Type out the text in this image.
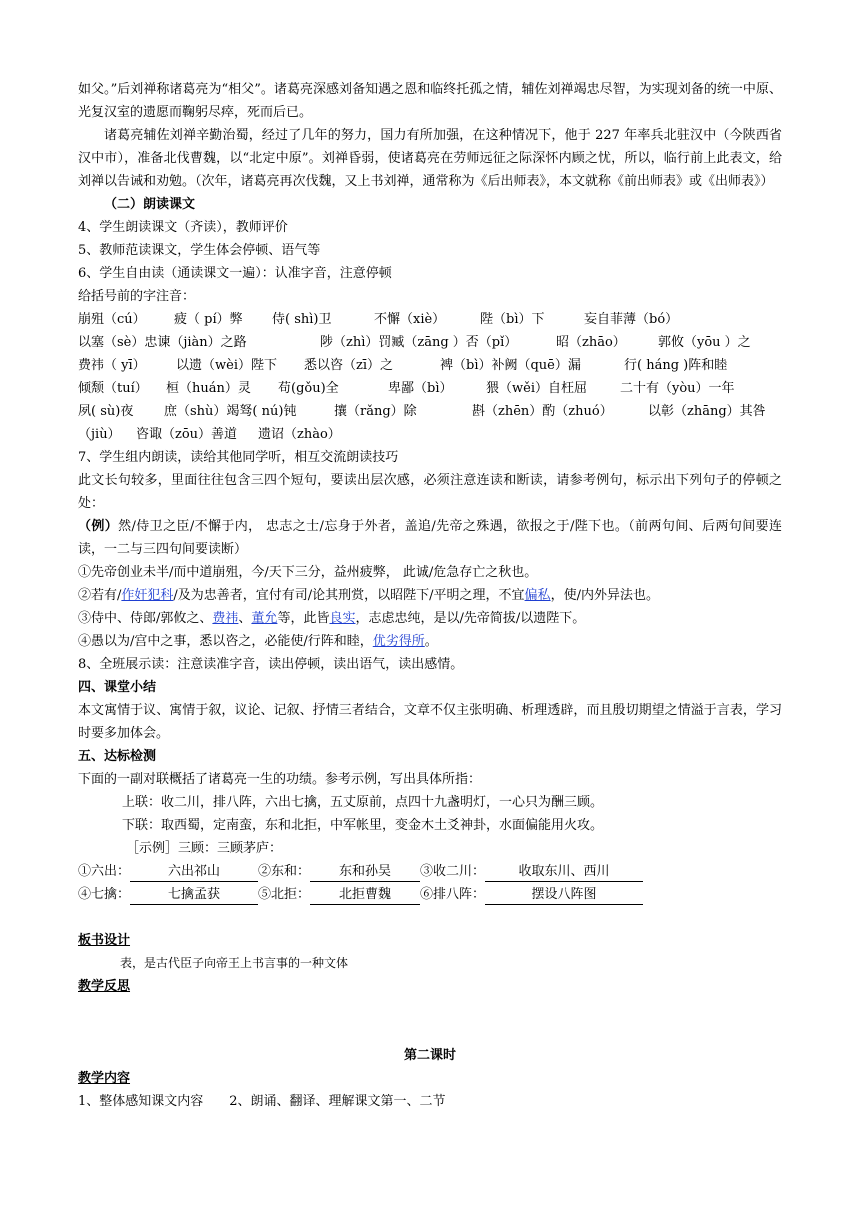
如父。”后刘禅称诸葛亮为“相父”。诸葛亮深感刘备知遇之恩和临终托孤之情，辅佐刘禅竭忠尽智，为实现刘备的统一中原、光复汉室的遗愿而鞠躬尽瘁，死而后已。

诸葛亮辅佐刘禅辛勤治蜀，经过了几年的努力，国力有所加强，在这种情况下，他于 227 年率兵北驻汉中（今陕西省汉中市），准备北伐曹魏，以“北定中原”。刘禅昏弱，使诸葛亮在劳师远征之际深怀内顾之忧，所以，临行前上此表文，给刘禅以告诫和劝勉。（次年，诸葛亮再次伐魏，又上书刘禅，通常称为《后出师表》，本文就称《前出师表》或《出师表》）

（二）朗读课文

4、学生朗读课文（齐读），教师评价

5、教师范读课文，学生体会停顿、语气等

6、学生自由读（通读课文一遍）：认准字音，注意停顿

给括号前的字注音：

崩殂（cú） 疲（ pí）弊 侍( shì)卫	不懈（xiè）	陛（bì）下	妄自菲薄（bó）

以塞（sè）忠谏（jiàn）之路	陟（zhì）罚臧（zāng ）否（pǐ）	昭（zhāo） 郭攸（yōu ）之

费祎（ yī） 以遗（wèi）陛下 悉以咨（zī）之	裨（bì）补阙（quē）漏	行( háng )阵和睦

倾颓（tuí） 桓（huán）灵 苟(gǒu)全	卑鄙（bì）	猥（wěi）自枉屈	二十有（yòu）一年

夙( sù)夜 庶（shù）竭驽( nú)钝	攘（rǎng）除	斟（zhēn）酌（zhuó）	以彰（zhāng）其咎

（jiù） 咨诹（zōu）善道 遗诏（zhào）

7、学生组内朗读，读给其他同学听，相互交流朗读技巧

此文长句较多，里面往往包含三四个短句，要读出层次感，必须注意连读和断读，请参考例句，标示出下列句子的停顿之处：

（例）然/侍卫之臣/不懈于内， 忠志之士/忘身于外者，盖追/先帝之殊遇，欲报之于/陛下也。（前两句间、后两句间要连读，一二与三四句间要读断）

①先帝创业未半/而中道崩殂，今/天下三分，益州疲弊， 此诚/危急存亡之秋也。

②若有/作奸犯科/及为忠善者，宜付有司/论其刑赏，以昭陛下/平明之理，不宜偏私，使/内外异法也。

③侍中、侍郎/郭攸之、费祎、董允等，此皆良实，志虑忠纯，是以/先帝简拔/以遗陛下。

④愚以为/宫中之事，悉以咨之，必能使/行阵和睦，优劣得所。

8、全班展示读：注意读准字音，读出停顿，读出语气，读出感情。

四、课堂小结

本文寓情于议、寓情于叙，议论、记叙、抒情三者结合，文章不仅主张明确、析理透辟，而且殷切期望之情溢于言表，学习时要多加体会。

五、达标检测

下面的一副对联概括了诸葛亮一生的功绩。参考示例，写出具体所指：

上联：收二川，排八阵，六出七擒，五丈原前，点四十九盏明灯，一心只为酬三顾。

下联：取西蜀，定南蛮，东和北拒，中军帐里，变金木土爻神卦，水面偏能用火攻。

［示例］三顾：三顾茅庐：

①六出：	六出祁山	②东和： 东和孙吴 ③收二川：	收取东川、西川

④七擒：	七擒孟获	⑤北拒： 北拒曹魏 ⑥排八阵：	摆设八阵图

板书设计

表，是古代臣子向帝王上书言事的一种文体

教学反思

第二课时

教学内容

1、整体感知课文内容 2、朗诵、翻译、理解课文第一、二节
